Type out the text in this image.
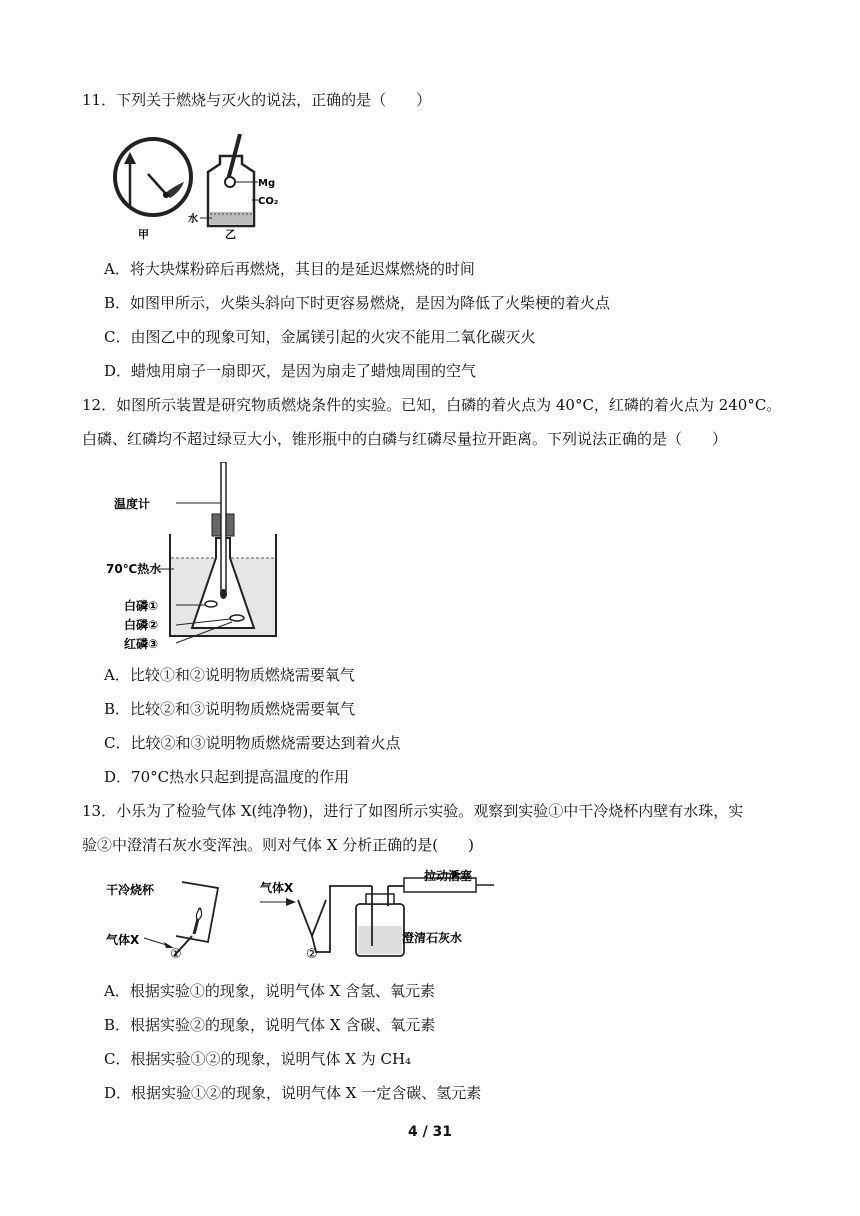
11．下列关于燃烧与灭火的说法，正确的是（　　）
甲
Mg
CO₂
水
乙
A．将大块煤粉碎后再燃烧，其目的是延迟煤燃烧的时间
B．如图甲所示，火柴头斜向下时更容易燃烧，是因为降低了火柴梗的着火点
C．由图乙中的现象可知，金属镁引起的火灾不能用二氧化碳灭火
D．蜡烛用扇子一扇即灭，是因为扇走了蜡烛周围的空气
12．如图所示装置是研究物质燃烧条件的实验。已知，白磷的着火点为 40°C，红磷的着火点为 240°C。
白磷、红磷均不超过绿豆大小，锥形瓶中的白磷与红磷尽量拉开距离。下列说法正确的是（　　）
温度计
70℃热水
白磷①
白磷②
红磷③
A．比较①和②说明物质燃烧需要氧气
B．比较②和③说明物质燃烧需要氧气
C．比较②和③说明物质燃烧需要达到着火点
D．70°C热水只起到提高温度的作用
13．小乐为了检验气体 X(纯净物)，进行了如图所示实验。观察到实验①中干冷烧杯内壁有水珠，实
验②中澄清石灰水变浑浊。则对气体 X 分析正确的是(　　)
干冷烧杯
气体X
①
气体X
拉动活塞
澄清石灰水
②
A．根据实验①的现象，说明气体 X 含氢、氧元素
B．根据实验②的现象，说明气体 X 含碳、氧元素
C．根据实验①②的现象，说明气体 X 为 CH₄
D．根据实验①②的现象，说明气体 X 一定含碳、氢元素
4 / 31
